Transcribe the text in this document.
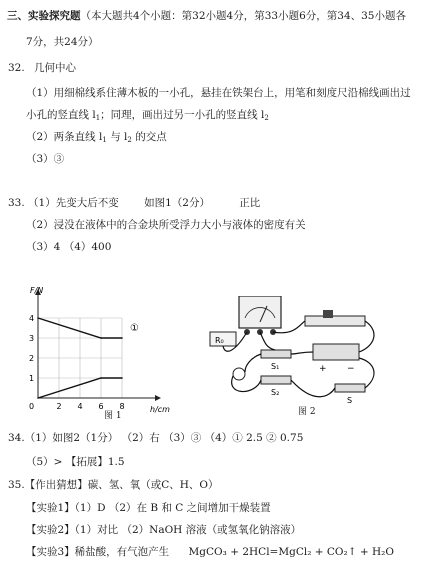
三、实验探究题（本大题共4个小题：第32小题4分，第33小题6分，第34、35小题各
7分，共24分）
32. 几何中心
（1）用细棉线系住薄木板的一小孔，悬挂在铁架台上，用笔和刻度尺沿棉线画出过
小孔的竖直线 $l_1$；同理，画出过另一小孔的竖直线 $l_2$
（2）两条直线 $l_1$ 与 $l_2$ 的交点
（3）③
33. （1）先变大后不变 如图1（2分）	正比
（2）浸没在液体中的合金块所受浮力大小与液体的密度有关
（3）4 （4）400
F/N
h/cm
1
2
3
4
0	2 4 6 8
①
图 1
R₀
S₁
S₂
S
+ −
图 2
34.（1）如图2（1分） （2）右 （3）③ （4）① 2.5 ② 0.75
（5）> 【拓展】1.5
35.【作出猜想】碳、氢、氧（或C、H、O）
【实验1】（1）D （2）在 B 和 C 之间增加干燥装置
【实验2】（1）对比 （2）NaOH 溶液（或氢氧化钠溶液）
【实验3】稀盐酸，有气泡产生 MgCO₃ + 2HCl=MgCl₂ + CO₂↑ + H₂O
